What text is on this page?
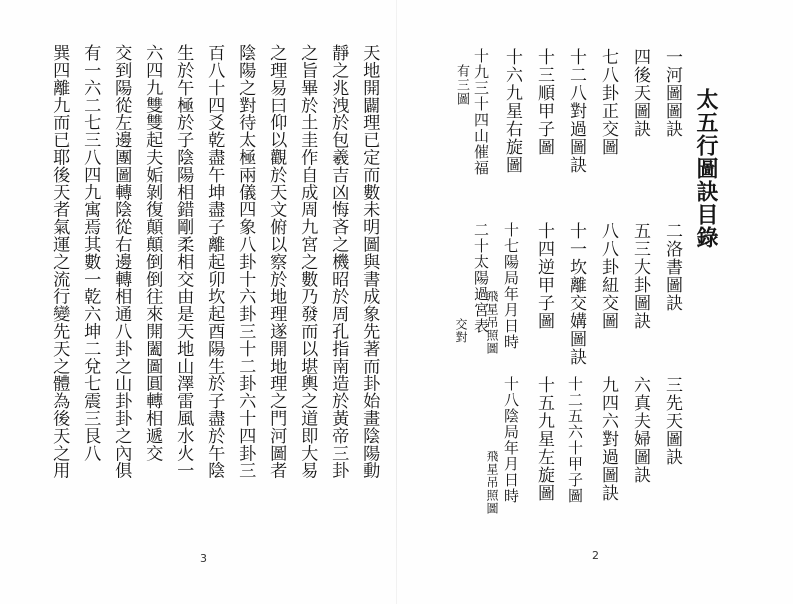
天地開闢理已定而數未明圖與書成象先著而卦始畫陰陽動
靜之兆洩於包羲吉凶悔吝之機昭於周孔指南造於黃帝三卦
之旨畢於土圭作自成周九宮之數乃發而以堪輿之道即大易
之理易曰仰以觀於天文俯以察於地理遂開地理之門河圖者
陰陽之對待太極兩儀四象八卦十六卦三十二卦六十四卦三
百八十四爻乾盡午坤盡子離起卯坎起酉陽生於子盡於午陰
生於午極於子陰陽相錯剛柔相交由是天地山澤雷風水火一
六四九雙雙起夫姤剝復顛顛倒倒往來開闔圖圓轉相遞交
交到陽從左邊團圖轉陰從右邊轉相通八卦之山卦卦之內俱
有一六二七三八四九寓焉其數一乾六坤二兌七震三艮八
巽四離九而已耶後天者氣運之流行變先天之體為後天之用
3
太五行圖訣目錄
一河圖圖訣
四後天圖訣
七八卦正交圖
十二八對過圖訣
十三順甲子圖
十六九星右旋圖
十九三十四山催福
有三圖
二洛書圖訣
五三大卦圖訣
八八卦紐交圖
十一坎離交媾圖訣
十四逆甲子圖
十七陽局年月日時
飛星吊照圖
二十太陽過宮表
交對
三先天圖訣
六真夫婦圖訣
九四六對過圖訣
十二五六十甲子圖
十五九星左旋圖
十八陰局年月日時
飛星吊照圖
2
